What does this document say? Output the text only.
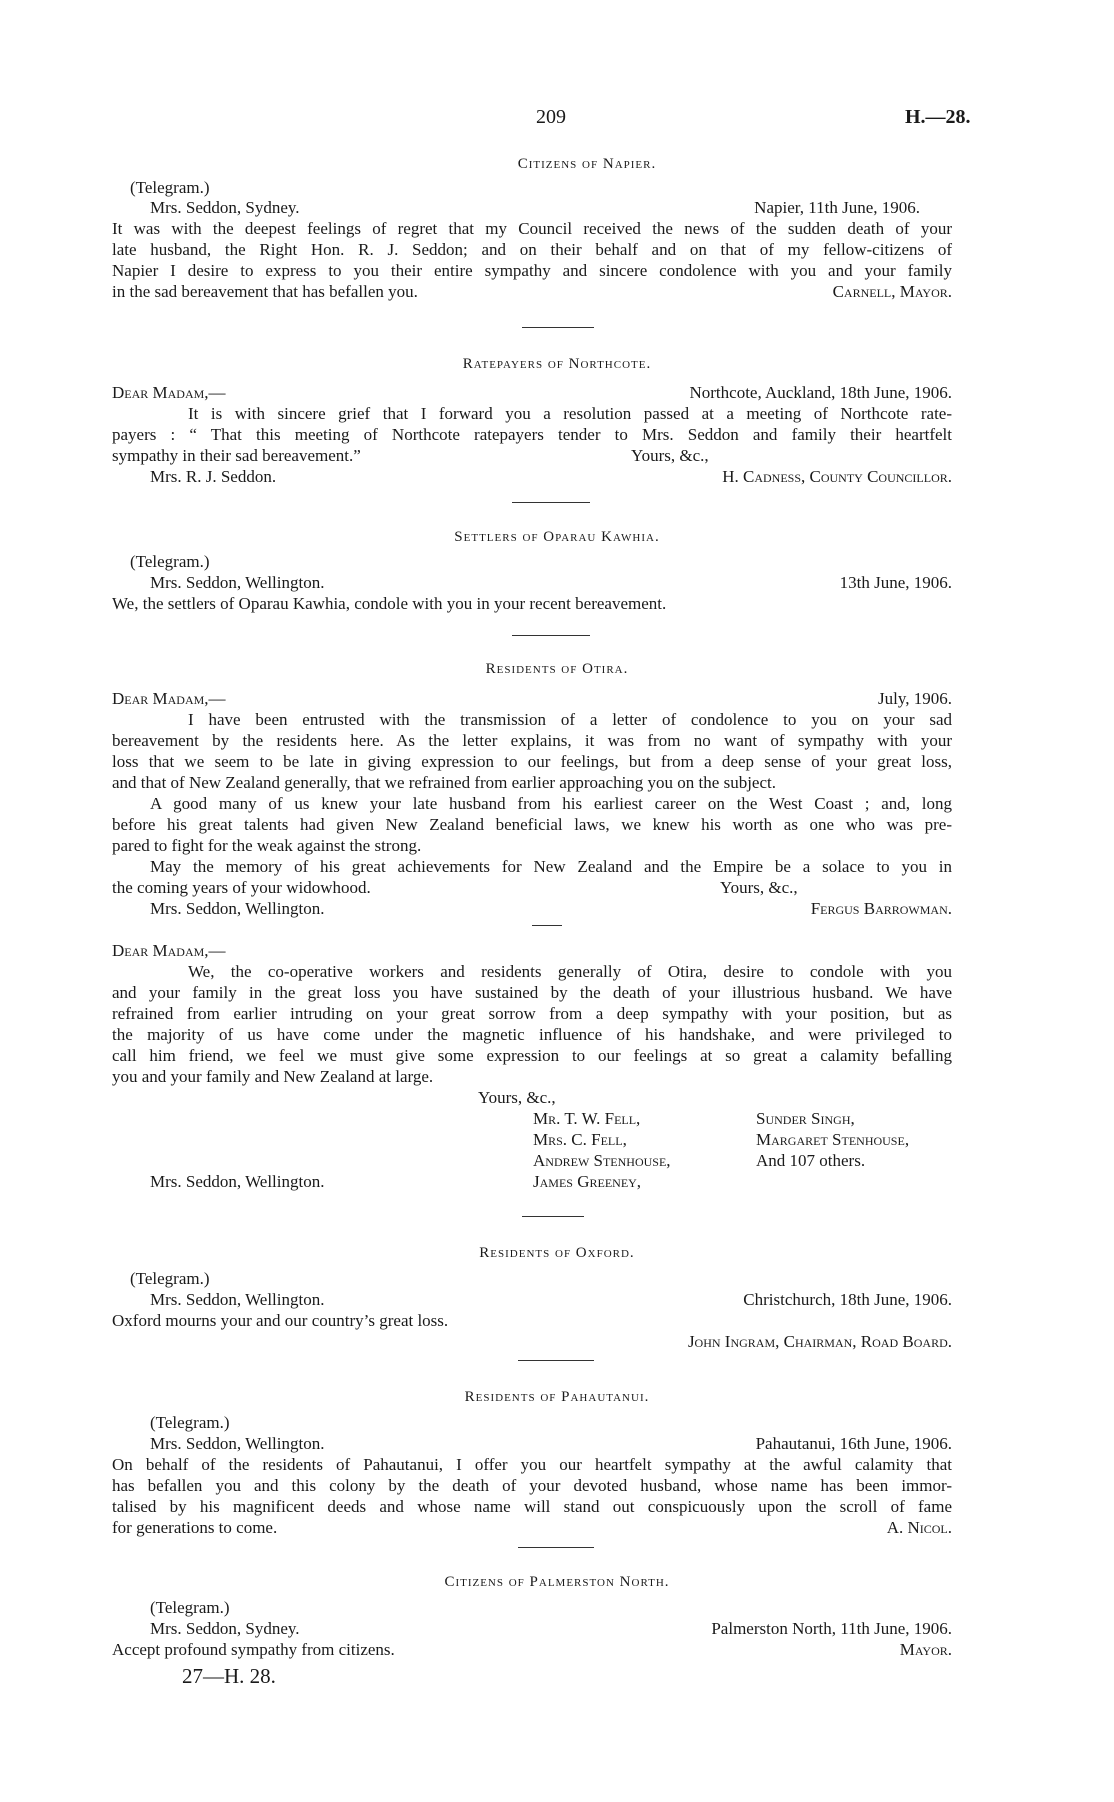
209	H.—28.
Citizens of Napier.
(Telegram.)
Mrs. Seddon, Sydney.	Napier, 11th June, 1906.
It was with the deepest feelings of regret that my Council received the news of the sudden death of your
late husband, the Right Hon. R. J. Seddon; and on their behalf and on that of my fellow-citizens of
Napier I desire to express to you their entire sympathy and sincere condolence with you and your family
in the sad bereavement that has befallen you.	Carnell, Mayor.
Ratepayers of Northcote.
Dear Madam,—	Northcote, Auckland, 18th June, 1906.
It is with sincere grief that I forward you a resolution passed at a meeting of Northcote rate-
payers : “ That this meeting of Northcote ratepayers tender to Mrs. Seddon and family their heartfelt
sympathy in their sad bereavement.”	Yours, &c.,
Mrs. R. J. Seddon.	H. Cadness, County Councillor.
Settlers of Oparau Kawhia.
(Telegram.)
Mrs. Seddon, Wellington.	13th June, 1906.
We, the settlers of Oparau Kawhia, condole with you in your recent bereavement.
Residents of Otira.
Dear Madam,—	July, 1906.
I have been entrusted with the transmission of a letter of condolence to you on your sad
bereavement by the residents here. As the letter explains, it was from no want of sympathy with your
loss that we seem to be late in giving expression to our feelings, but from a deep sense of your great loss,
and that of New Zealand generally, that we refrained from earlier approaching you on the subject.
A good many of us knew your late husband from his earliest career on the West Coast ; and, long
before his great talents had given New Zealand beneficial laws, we knew his worth as one who was pre-
pared to fight for the weak against the strong.
May the memory of his great achievements for New Zealand and the Empire be a solace to you in
the coming years of your widowhood.	Yours, &c.,
Mrs. Seddon, Wellington.	Fergus Barrowman.
Dear Madam,—
We, the co-operative workers and residents generally of Otira, desire to condole with you
and your family in the great loss you have sustained by the death of your illustrious husband. We have
refrained from earlier intruding on your great sorrow from a deep sympathy with your position, but as
the majority of us have come under the magnetic influence of his handshake, and were privileged to
call him friend, we feel we must give some expression to our feelings at so great a calamity befalling
you and your family and New Zealand at large.
Yours, &c.,
Mr. T. W. Fell,
Mrs. C. Fell,
Andrew Stenhouse,
James Greeney,
Sunder Singh,
Margaret Stenhouse,
And 107 others.
Mrs. Seddon, Wellington.
Residents of Oxford.
(Telegram.)
Mrs. Seddon, Wellington.	Christchurch, 18th June, 1906.
Oxford mourns your and our country’s great loss.
John Ingram, Chairman, Road Board.
Residents of Pahautanui.
(Telegram.)
Mrs. Seddon, Wellington.	Pahautanui, 16th June, 1906.
On behalf of the residents of Pahautanui, I offer you our heartfelt sympathy at the awful calamity that
has befallen you and this colony by the death of your devoted husband, whose name has been immor-
talised by his magnificent deeds and whose name will stand out conspicuously upon the scroll of fame
for generations to come.	A. Nicol.
Citizens of Palmerston North.
(Telegram.)
Mrs. Seddon, Sydney.	Palmerston North, 11th June, 1906.
Accept profound sympathy from citizens.	Mayor.
27—H. 28.
